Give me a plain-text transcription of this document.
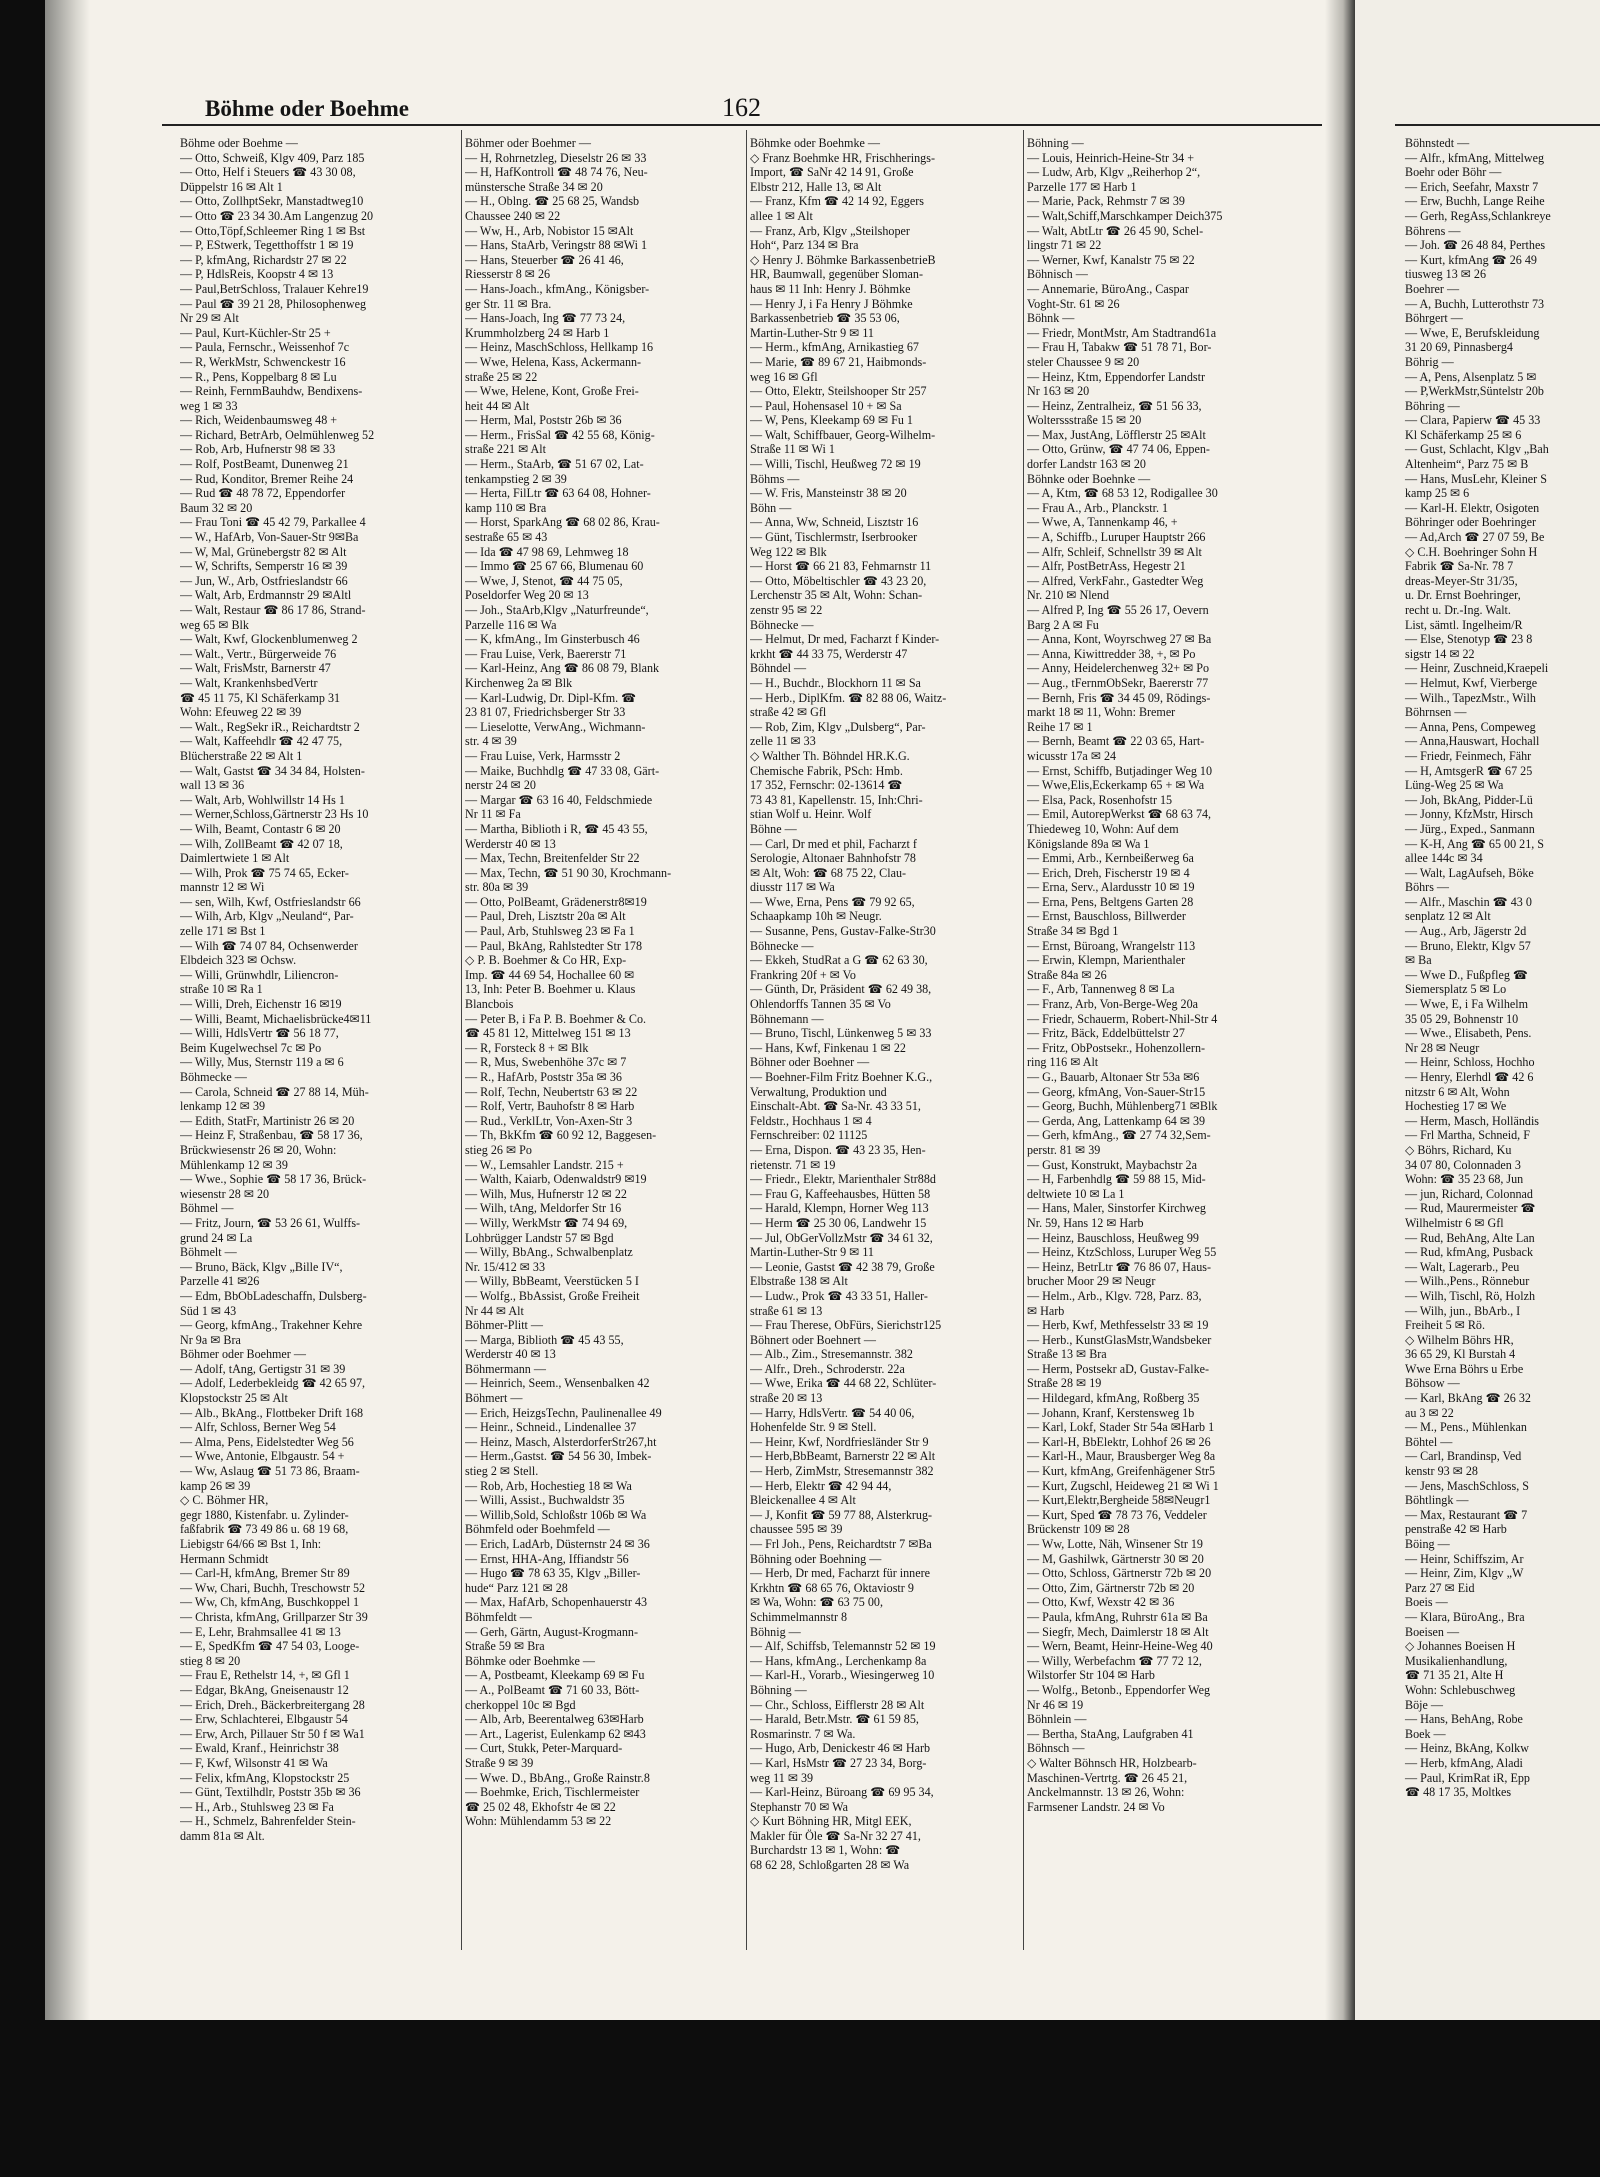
Böhme oder Boehme	162
Böhme oder Boehme —
— Otto, Schweiß, Klgv 409, Parz 185
— Otto, Helf i Steuers ☎ 43 30 08,
Düppelstr 16 ✉ Alt 1
— Otto, ZollhptSekr, Manstadtweg10
— Otto ☎ 23 34 30.Am Langenzug 20
— Otto,Töpf,Schleemer Ring 1 ✉ Bst
— P, EStwerk, Tegetthoffstr 1 ✉ 19
— P, kfmAng, Richardstr 27 ✉ 22
— P, HdlsReis, Koopstr 4 ✉ 13
— Paul,BetrSchloss, Tralauer Kehre19
— Paul ☎ 39 21 28, Philosophenweg
Nr 29 ✉ Alt
— Paul, Kurt-Küchler-Str 25 +
— Paula, Fernschr., Weissenhof 7c
— R, WerkMstr, Schwenckestr 16
— R., Pens, Koppelbarg 8 ✉ Lu
— Reinh, FernmBauhdw, Bendixens-
weg 1 ✉ 33
— Rich, Weidenbaumsweg 48 +
— Richard, BetrArb, Oelmühlenweg 52
— Rob, Arb, Hufnerstr 98 ✉ 33
— Rolf, PostBeamt, Dunenweg 21
— Rud, Konditor, Bremer Reihe 24
— Rud ☎ 48 78 72, Eppendorfer
Baum 32 ✉ 20
— Frau Toni ☎ 45 42 79, Parkallee 4
— W., HafArb, Von-Sauer-Str 9✉Ba
— W, Mal, Grünebergstr 82 ✉ Alt
— W, Schrifts, Semperstr 16 ✉ 39
— Jun, W., Arb, Ostfrieslandstr 66
— Walt, Arb, Erdmannstr 29 ✉Altl
— Walt, Restaur ☎ 86 17 86, Strand-
weg 65 ✉ Blk
— Walt, Kwf, Glockenblumenweg 2
— Walt., Vertr., Bürgerweide 76
— Walt, FrisMstr, Barnerstr 47
— Walt, KrankenhsbedVertr
☎ 45 11 75, Kl Schäferkamp 31
Wohn: Efeuweg 22 ✉ 39
— Walt., RegSekr iR., Reichardtstr 2
— Walt, Kaffeehdlr ☎ 42 47 75,
Blücherstraße 22 ✉ Alt 1
— Walt, Gastst ☎ 34 34 84, Holsten-
wall 13 ✉ 36
— Walt, Arb, Wohlwillstr 14 Hs 1
— Werner,Schloss,Gärtnerstr 23 Hs 10
— Wilh, Beamt, Contastr 6 ✉ 20
— Wilh, ZollBeamt ☎ 42 07 18,
Daimlertwiete 1 ✉ Alt
— Wilh, Prok ☎ 75 74 65, Ecker-
mannstr 12 ✉ Wi
— sen, Wilh, Kwf, Ostfrieslandstr 66
— Wilh, Arb, Klgv „Neuland“, Par-
zelle 171 ✉ Bst 1
— Wilh ☎ 74 07 84, Ochsenwerder
Elbdeich 323 ✉ Ochsw.
— Willi, Grünwhdlr, Liliencron-
straße 10 ✉ Ra 1
— Willi, Dreh, Eichenstr 16 ✉19
— Willi, Beamt, Michaelisbrücke4✉11
— Willi, HdlsVertr ☎ 56 18 77,
Beim Kugelwechsel 7c ✉ Po
— Willy, Mus, Sternstr 119 a ✉ 6
Böhmecke —
— Carola, Schneid ☎ 27 88 14, Müh-
lenkamp 12 ✉ 39
— Edith, StatFr, Martinistr 26 ✉ 20
— Heinz F, Straßenbau, ☎ 58 17 36,
Brückwiesenstr 26 ✉ 20, Wohn:
Mühlenkamp 12 ✉ 39
— Wwe., Sophie ☎ 58 17 36, Brück-
wiesenstr 28 ✉ 20
Böhmel —
— Fritz, Journ, ☎ 53 26 61, Wulffs-
grund 24 ✉ La
Böhmelt —
— Bruno, Bäck, Klgv „Bille IV“,
Parzelle 41 ✉26
— Edm, BbObLadeschaffn, Dulsberg-
Süd 1 ✉ 43
— Georg, kfmAng., Trakehner Kehre
Nr 9a ✉ Bra
Böhmer oder Boehmer —
— Adolf, tAng, Gertigstr 31 ✉ 39
— Adolf, Lederbekleidg ☎ 42 65 97,
Klopstockstr 25 ✉ Alt
— Alb., BkAng., Flottbeker Drift 168
— Alfr, Schloss, Berner Weg 54
— Alma, Pens, Eidelstedter Weg 56
— Wwe, Antonie, Elbgaustr. 54 +
— Ww, Aslaug ☎ 51 73 86, Braam-
kamp 26 ✉ 39
◇ C. Böhmer HR,
gegr 1880, Kistenfabr. u. Zylinder-
faßfabrik ☎ 73 49 86 u. 68 19 68,
Liebigstr 64/66 ✉ Bst 1, Inh:
Hermann Schmidt
— Carl-H, kfmAng, Bremer Str 89
— Ww, Chari, Buchh, Treschowstr 52
— Ww, Ch, kfmAng, Buschkoppel 1
— Christa, kfmAng, Grillparzer Str 39
— E, Lehr, Brahmsallee 41 ✉ 13
— E, SpedKfm ☎ 47 54 03, Looge-
stieg 8 ✉ 20
— Frau E, Rethelstr 14, +, ✉ Gfl 1
— Edgar, BkAng, Gneisenaustr 12
— Erich, Dreh., Bäckerbreitergang 28
— Erw, Schlachterei, Elbgaustr 54
— Erw, Arch, Pillauer Str 50 f ✉ Wa1
— Ewald, Kranf., Heinrichstr 38
— F, Kwf, Wilsonstr 41 ✉ Wa
— Felix, kfmAng, Klopstockstr 25
— Günt, Textilhdlr, Poststr 35b ✉ 36
— H., Arb., Stuhlsweg 23 ✉ Fa
— H., Schmelz, Bahrenfelder Stein-
damm 81a ✉ Alt.
Böhmer oder Boehmer —
— H, Rohrnetzleg, Dieselstr 26 ✉ 33
— H, HafKontroll ☎ 48 74 76, Neu-
münstersche Straße 34 ✉ 20
— H., Oblng. ☎ 25 68 25, Wandsb
Chaussee 240 ✉ 22
— Ww, H., Arb, Nobistor 15 ✉Alt
— Hans, StaArb, Veringstr 88 ✉Wi 1
— Hans, Steuerber ☎ 26 41 46,
Riesserstr 8 ✉ 26
— Hans-Joach., kfmAng., Königsber-
ger Str. 11 ✉ Bra.
— Hans-Joach, Ing ☎ 77 73 24,
Krummholzberg 24 ✉ Harb 1
— Heinz, MaschSchloss, Hellkamp 16
— Wwe, Helena, Kass, Ackermann-
straße 25 ✉ 22
— Wwe, Helene, Kont, Große Frei-
heit 44 ✉ Alt
— Herm, Mal, Poststr 26b ✉ 36
— Herm., FrisSal ☎ 42 55 68, König-
straße 221 ✉ Alt
— Herm., StaArb, ☎ 51 67 02, Lat-
tenkampstieg 2 ✉ 39
— Herta, FilLtr ☎ 63 64 08, Hohner-
kamp 110 ✉ Bra
— Horst, SparkAng ☎ 68 02 86, Krau-
sestraße 65 ✉ 43
— Ida ☎ 47 98 69, Lehmweg 18
— Immo ☎ 25 67 66, Blumenau 60
— Wwe, J, Stenot, ☎ 44 75 05,
Poseldorfer Weg 20 ✉ 13
— Joh., StaArb,Klgv „Naturfreunde“,
Parzelle 116 ✉ Wa
— K, kfmAng., Im Ginsterbusch 46
— Frau Luise, Verk, Baererstr 71
— Karl-Heinz, Ang ☎ 86 08 79, Blank
Kirchenweg 2a ✉ Blk
— Karl-Ludwig, Dr. Dipl-Kfm. ☎
23 81 07, Friedrichsberger Str 33
— Lieselotte, VerwAng., Wichmann-
str. 4 ✉ 39
— Frau Luise, Verk, Harmsstr 2
— Maike, Buchhdlg ☎ 47 33 08, Gärt-
nerstr 24 ✉ 20
— Margar ☎ 63 16 40, Feldschmiede
Nr 11 ✉ Fa
— Martha, Biblioth i R, ☎ 45 43 55,
Werderstr 40 ✉ 13
— Max, Techn, Breitenfelder Str 22
— Max, Techn, ☎ 51 90 30, Krochmann-
str. 80a ✉ 39
— Otto, PolBeamt, Grädenerstr8✉19
— Paul, Dreh, Lisztstr 20a ✉ Alt
— Paul, Arb, Stuhlsweg 23 ✉ Fa 1
— Paul, BkAng, Rahlstedter Str 178
◇ P. B. Boehmer & Co HR, Exp-
Imp. ☎ 44 69 54, Hochallee 60 ✉
13, Inh: Peter B. Boehmer u. Klaus
Blancbois
— Peter B, i Fa P. B. Boehmer & Co.
☎ 45 81 12, Mittelweg 151 ✉ 13
— R, Forsteck 8 + ✉ Blk
— R, Mus, Swebenhöhe 37c ✉ 7
— R., HafArb, Poststr 35a ✉ 36
— Rolf, Techn, Neubertstr 63 ✉ 22
— Rolf, Vertr, Bauhofstr 8 ✉ Harb
— Rud., VerklLtr, Von-Axen-Str 3
— Th, BkKfm ☎ 60 92 12, Baggesen-
stieg 26 ✉ Po
— W., Lemsahler Landstr. 215 +
— Walth, Kaiarb, Odenwaldstr9 ✉19
— Wilh, Mus, Hufnerstr 12 ✉ 22
— Wilh, tAng, Meldorfer Str 16
— Willy, WerkMstr ☎ 74 94 69,
Lohbrügger Landstr 57 ✉ Bgd
— Willy, BbAng., Schwalbenplatz
Nr. 15/412 ✉ 33
— Willy, BbBeamt, Veerstücken 5 I
— Wolfg., BbAssist, Große Freiheit
Nr 44 ✉ Alt
Böhmer-Plitt —
— Marga, Biblioth ☎ 45 43 55,
Werderstr 40 ✉ 13
Böhmermann —
— Heinrich, Seem., Wensenbalken 42
Böhmert —
— Erich, HeizgsTechn, Paulinenallee 49
— Heinr., Schneid., Lindenallee 37
— Heinz, Masch, AlsterdorferStr267,ht
— Herm.,Gastst. ☎ 54 56 30, Imbek-
stieg 2 ✉ Stell.
— Rob, Arb, Hochestieg 18 ✉ Wa
— Willi, Assist., Buchwaldstr 35
— Willib,Sold, Schloßstr 106b ✉ Wa
Böhmfeld oder Boehmfeld —
— Erich, LadArb, Düsternstr 24 ✉ 36
— Ernst, HHA-Ang, Iffiandstr 56
— Hugo ☎ 78 63 35, Klgv „Biller-
hude“ Parz 121 ✉ 28
— Max, HafArb, Schopenhauerstr 43
Böhmfeldt —
— Gerh, Gärtn, August-Krogmann-
Straße 59 ✉ Bra
Böhmke oder Boehmke —
— A, Postbeamt, Kleekamp 69 ✉ Fu
— A., PolBeamt ☎ 71 60 33, Bött-
cherkoppel 10c ✉ Bgd
— Alb, Arb, Beerentalweg 63✉Harb
— Art., Lagerist, Eulenkamp 62 ✉43
— Curt, Stukk, Peter-Marquard-
Straße 9 ✉ 39
— Wwe. D., BbAng., Große Rainstr.8
— Boehmke, Erich, Tischlermeister
☎ 25 02 48, Ekhofstr 4e ✉ 22
Wohn: Mühlendamm 53 ✉ 22
Böhmke oder Boehmke —
◇ Franz Boehmke HR, Frischherings-
Import, ☎ SaNr 42 14 91, Große
Elbstr 212, Halle 13, ✉ Alt
— Franz, Kfm ☎ 42 14 92, Eggers
allee 1 ✉ Alt
— Franz, Arb, Klgv „Steilshoper
Hoh“, Parz 134 ✉ Bra
◇ Henry J. Böhmke BarkassenbetrieB
HR, Baumwall, gegenüber Sloman-
haus ✉ 11 Inh: Henry J. Böhmke
— Henry J, i Fa Henry J Böhmke
Barkassenbetrieb ☎ 35 53 06,
Martin-Luther-Str 9 ✉ 11
— Herm., kfmAng, Arnikastieg 67
— Marie, ☎ 89 67 21, Haibmonds-
weg 16 ✉ Gfl
— Otto, Elektr, Steilshooper Str 257
— Paul, Hohensasel 10 + ✉ Sa
— W, Pens, Kleekamp 69 ✉ Fu 1
— Walt, Schiffbauer, Georg-Wilhelm-
Straße 11 ✉ Wi 1
— Willi, Tischl, Heußweg 72 ✉ 19
Böhms —
— W. Fris, Mansteinstr 38 ✉ 20
Böhn —
— Anna, Ww, Schneid, Lisztstr 16
— Günt, Tischlermstr, Iserbrooker
Weg 122 ✉ Blk
— Horst ☎ 66 21 83, Fehmarnstr 11
— Otto, Möbeltischler ☎ 43 23 20,
Lerchenstr 35 ✉ Alt, Wohn: Schan-
zenstr 95 ✉ 22
Böhnecke —
— Helmut, Dr med, Facharzt f Kinder-
krkht ☎ 44 33 75, Werderstr 47
Böhndel —
— H., Buchdr., Blockhorn 11 ✉ Sa
— Herb., DiplKfm. ☎ 82 88 06, Waitz-
straße 42 ✉ Gfl
— Rob, Zim, Klgv „Dulsberg“, Par-
zelle 11 ✉ 33
◇ Walther Th. Böhndel HR.K.G.
Chemische Fabrik, PSch: Hmb.
17 352, Fernschr: 02-13614 ☎
73 43 81, Kapellenstr. 15, Inh:Chri-
stian Wolf u. Heinr. Wolf
Böhne —
— Carl, Dr med et phil, Facharzt f
Serologie, Altonaer Bahnhofstr 78
✉ Alt, Woh: ☎ 68 75 22, Clau-
diusstr 117 ✉ Wa
— Wwe, Erna, Pens ☎ 79 92 65,
Schaapkamp 10h ✉ Neugr.
— Susanne, Pens, Gustav-Falke-Str30
Böhnecke —
— Ekkeh, StudRat a G ☎ 62 63 30,
Frankring 20f + ✉ Vo
— Günth, Dr, Präsident ☎ 62 49 38,
Ohlendorffs Tannen 35 ✉ Vo
Böhnemann —
— Bruno, Tischl, Lünkenweg 5 ✉ 33
— Hans, Kwf, Finkenau 1 ✉ 22
Böhner oder Boehner —
— Boehner-Film Fritz Boehner K.G.,
Verwaltung, Produktion und
Einschalt-Abt. ☎ Sa-Nr. 43 33 51,
Feldstr., Hochhaus 1 ✉ 4
Fernschreiber: 02 11125
— Erna, Dispon. ☎ 43 23 35, Hen-
rietenstr. 71 ✉ 19
— Friedr., Elektr, Marienthaler Str88d
— Frau G, Kaffeehausbes, Hütten 58
— Harald, Klempn, Horner Weg 113
— Herm ☎ 25 30 06, Landwehr 15
— Jul, ObGerVollzMstr ☎ 34 61 32,
Martin-Luther-Str 9 ✉ 11
— Leonie, Gastst ☎ 42 38 79, Große
Elbstraße 138 ✉ Alt
— Ludw., Prok ☎ 43 33 51, Haller-
straße 61 ✉ 13
— Frau Therese, ObFürs, Sierichstr125
Böhnert oder Boehnert —
— Alb., Zim., Stresemannstr. 382
— Alfr., Dreh., Schroderstr. 22a
— Wwe, Erika ☎ 44 68 22, Schlüter-
straße 20 ✉ 13
— Harry, HdlsVertr. ☎ 54 40 06,
Hohenfelde Str. 9 ✉ Stell.
— Heinr, Kwf, Nordfriesländer Str 9
— Herb,BbBeamt, Barnerstr 22 ✉ Alt
— Herb, ZimMstr, Stresemannstr 382
— Herb, Elektr ☎ 42 94 44,
Bleickenallee 4 ✉ Alt
— J, Konfit ☎ 59 77 88, Alsterkrug-
chaussee 595 ✉ 39
— Frl Joh., Pens, Reichardtstr 7 ✉Ba
Böhning oder Boehning —
— Herb, Dr med, Facharzt für innere
Krkhtn ☎ 68 65 76, Oktaviostr 9
✉ Wa, Wohn: ☎ 63 75 00,
Schimmelmannstr 8
Böhnig —
— Alf, Schiffsb, Telemannstr 52 ✉ 19
— Hans, kfmAng., Lerchenkamp 8a
— Karl-H., Vorarb., Wiesingerweg 10
Böhning —
— Chr., Schloss, Eifflerstr 28 ✉ Alt
— Harald, Betr.Mstr. ☎ 61 59 85,
Rosmarinstr. 7 ✉ Wa.
— Hugo, Arb, Denickestr 46 ✉ Harb
— Karl, HsMstr ☎ 27 23 34, Borg-
weg 11 ✉ 39
— Karl-Heinz, Büroang ☎ 69 95 34,
Stephanstr 70 ✉ Wa
◇ Kurt Böhning HR, Mitgl EEK,
Makler für Öle ☎ Sa-Nr 32 27 41,
Burchardstr 13 ✉ 1, Wohn: ☎
68 62 28, Schloßgarten 28 ✉ Wa
Böhning —
— Louis, Heinrich-Heine-Str 34 +
— Ludw, Arb, Klgv „Reiherhop 2“,
Parzelle 177 ✉ Harb 1
— Marie, Pack, Rehmstr 7 ✉ 39
— Walt,Schiff,Marschkamper Deich375
— Walt, AbtLtr ☎ 26 45 90, Schel-
lingstr 71 ✉ 22
— Werner, Kwf, Kanalstr 75 ✉ 22
Böhnisch —
— Annemarie, BüroAng., Caspar
Voght-Str. 61 ✉ 26
Böhnk —
— Friedr, MontMstr, Am Stadtrand61a
— Frau H, Tabakw ☎ 51 78 71, Bor-
steler Chaussee 9 ✉ 20
— Heinz, Ktm, Eppendorfer Landstr
Nr 163 ✉ 20
— Heinz, Zentralheiz, ☎ 51 56 33,
Wolterssstraße 15 ✉ 20
— Max, JustAng, Löfflerstr 25 ✉Alt
— Otto, Grünw, ☎ 47 74 06, Eppen-
dorfer Landstr 163 ✉ 20
Böhnke oder Boehnke —
— A, Ktm, ☎ 68 53 12, Rodigallee 30
— Frau A., Arb., Planckstr. 1
— Wwe, A, Tannenkamp 46, +
— A, Schiffb., Luruper Hauptstr 266
— Alfr, Schleif, Schnellstr 39 ✉ Alt
— Alfr, PostBetrAss, Hegestr 21
— Alfred, VerkFahr., Gastedter Weg
Nr. 210 ✉ Nlend
— Alfred P, Ing ☎ 55 26 17, Oevern
Barg 2 A ✉ Fu
— Anna, Kont, Woyrschweg 27 ✉ Ba
— Anna, Kiwittredder 38, +, ✉ Po
— Anny, Heidelerchenweg 32+ ✉ Po
— Aug., tFernmObSekr, Baererstr 77
— Bernh, Fris ☎ 34 45 09, Rödings-
markt 18 ✉ 11, Wohn: Bremer
Reihe 17 ✉ 1
— Bernh, Beamt ☎ 22 03 65, Hart-
wicusstr 17a ✉ 24
— Ernst, Schiffb, Butjadinger Weg 10
— Wwe,Elis,Eckerkamp 65 + ✉ Wa
— Elsa, Pack, Rosenhofstr 15
— Emil, AutorepWerkst ☎ 68 63 74,
Thiedeweg 10, Wohn: Auf dem
Königslande 89a ✉ Wa 1
— Emmi, Arb., Kernbeißerweg 6a
— Erich, Dreh, Fischerstr 19 ✉ 4
— Erna, Serv., Alardusstr 10 ✉ 19
— Erna, Pens, Beltgens Garten 28
— Ernst, Bauschloss, Billwerder
Straße 34 ✉ Bgd 1
— Ernst, Büroang, Wrangelstr 113
— Erwin, Klempn, Marienthaler
Straße 84a ✉ 26
— F., Arb, Tannenweg 8 ✉ La
— Franz, Arb, Von-Berge-Weg 20a
— Friedr, Schauerm, Robert-Nhil-Str 4
— Fritz, Bäck, Eddelbüttelstr 27
— Fritz, ObPostsekr., Hohenzollern-
ring 116 ✉ Alt
— G., Bauarb, Altonaer Str 53a ✉6
— Georg, kfmAng, Von-Sauer-Str15
— Georg, Buchh, Mühlenberg71 ✉Blk
— Gerda, Ang, Lattenkamp 64 ✉ 39
— Gerh, kfmAng., ☎ 27 74 32,Sem-
perstr. 81 ✉ 39
— Gust, Konstrukt, Maybachstr 2a
— H, Farbenhdlg ☎ 59 88 15, Mid-
deltwiete 10 ✉ La 1
— Hans, Maler, Sinstorfer Kirchweg
Nr. 59, Hans 12 ✉ Harb
— Heinz, Bauschloss, Heußweg 99
— Heinz, KtzSchloss, Luruper Weg 55
— Heinz, BetrLtr ☎ 76 86 07, Haus-
brucher Moor 29 ✉ Neugr
— Helm., Arb., Klgv. 728, Parz. 83,
✉ Harb
— Herb, Kwf, Methfesselstr 33 ✉ 19
— Herb., KunstGlasMstr,Wandsbeker
Straße 13 ✉ Bra
— Herm, Postsekr aD, Gustav-Falke-
Straße 28 ✉ 19
— Hildegard, kfmAng, Roßberg 35
— Johann, Kranf, Kerstensweg 1b
— Karl, Lokf, Stader Str 54a ✉Harb 1
— Karl-H, BbElektr, Lohhof 26 ✉ 26
— Karl-H., Maur, Brausberger Weg 8a
— Kurt, kfmAng, Greifenhägener Str5
— Kurt, Zugschl, Heideweg 21 ✉ Wi 1
— Kurt,Elektr,Bergheide 58✉Neugr1
— Kurt, Sped ☎ 78 73 76, Veddeler
Brückenstr 109 ✉ 28
— Ww, Lotte, Näh, Winsener Str 19
— M, Gashilwk, Gärtnerstr 30 ✉ 20
— Otto, Schloss, Gärtnerstr 72b ✉ 20
— Otto, Zim, Gärtnerstr 72b ✉ 20
— Otto, Kwf, Wexstr 42 ✉ 36
— Paula, kfmAng, Ruhrstr 61a ✉ Ba
— Siegfr, Mech, Daimlerstr 18 ✉ Alt
— Wern, Beamt, Heinr-Heine-Weg 40
— Willy, Werbefachm ☎ 77 72 12,
Wilstorfer Str 104 ✉ Harb
— Wolfg., Betonb., Eppendorfer Weg
Nr 46 ✉ 19
Böhnlein —
— Bertha, StaAng, Laufgraben 41
Böhnsch —
◇ Walter Böhnsch HR, Holzbearb-
Maschinen-Vertrtg. ☎ 26 45 21,
Anckelmannstr. 13 ✉ 26, Wohn:
Farmsener Landstr. 24 ✉ Vo
Böhnstedt —
— Alfr., kfmAng, Mittelweg
Boehr oder Böhr —
— Erich, Seefahr, Maxstr 7
— Erw, Buchh, Lange Reihe
— Gerh, RegAss,Schlankreye
Böhrens —
— Joh. ☎ 26 48 84, Perthes
— Kurt, kfmAng ☎ 26 49
tiusweg 13 ✉ 26
Boehrer —
— A, Buchh, Lutterothstr 73
Böhrgert —
— Wwe, E, Berufskleidung
31 20 69, Pinnasberg4
Böhrig —
— A, Pens, Alsenplatz 5 ✉
— P,WerkMstr,Süntelstr 20b
Böhring —
— Clara, Papierw ☎ 45 33
Kl Schäferkamp 25 ✉ 6
— Gust, Schlacht, Klgv „Bah
Altenheim“, Parz 75 ✉ B
— Hans, MusLehr, Kleiner S
kamp 25 ✉ 6
— Karl-H. Elektr, Osigoten
Böhringer oder Boehringer
— Ad,Arch ☎ 27 07 59, Be
◇ C.H. Boehringer Sohn H
Fabrik ☎ Sa-Nr. 78 7
dreas-Meyer-Str 31/35,
u. Dr. Ernst Boehringer,
recht u. Dr.-Ing. Walt.
List, sämtl. Ingelheim/R
— Else, Stenotyp ☎ 23 8
sigstr 14 ✉ 22
— Heinr, Zuschneid,Kraepeli
— Helmut, Kwf, Vierberge
— Wilh., TapezMstr., Wilh
Böhrnsen —
— Anna, Pens, Compeweg
— Anna,Hauswart, Hochall
— Friedr, Feinmech, Fähr
— H, AmtsgerR ☎ 67 25
Lüng-Weg 25 ✉ Wa
— Joh, BkAng, Pidder-Lü
— Jonny, KfzMstr, Hirsch
— Jürg., Exped., Sanmann
— K-H, Ang ☎ 65 00 21, S
allee 144c ✉ 34
— Walt, LagAufseh, Böke
Böhrs —
— Alfr., Maschin ☎ 43 0
senplatz 12 ✉ Alt
— Aug., Arb, Jägerstr 2d
— Bruno, Elektr, Klgv 57
✉ Ba
— Wwe D., Fußpfleg ☎
Siemersplatz 5 ✉ Lo
— Wwe, E, i Fa Wilhelm
35 05 29, Bohnenstr 10
— Wwe., Elisabeth, Pens.
Nr 28 ✉ Neugr
— Heinr, Schloss, Hochho
— Henry, Elerhdl ☎ 42 6
nitzstr 6 ✉ Alt, Wohn
Hochestieg 17 ✉ We
— Herm, Masch, Holländis
— Frl Martha, Schneid, F
◇ Böhrs, Richard, Ku
34 07 80, Colonnaden 3
Wohn: ☎ 35 23 68, Jun
— jun, Richard, Colonnad
— Rud, Maurermeister ☎
Wilhelmistr 6 ✉ Gfl
— Rud, BehAng, Alte Lan
— Rud, kfmAng, Pusback
— Walt, Lagerarb., Peu
— Wilh.,Pens., Rönnebur
— Wilh, Tischl, Rö, Holzh
— Wilh, jun., BbArb., I
Freiheit 5 ✉ Rö.
◇ Wilhelm Böhrs HR,
36 65 29, Kl Burstah 4
Wwe Erna Böhrs u Erbe
Böhsow —
— Karl, BkAng ☎ 26 32
au 3 ✉ 22
— M., Pens., Mühlenkan
Böhtel —
— Carl, Brandinsp, Ved
kenstr 93 ✉ 28
— Jens, MaschSchloss, S
Böhtlingk —
— Max, Restaurant ☎ 7
penstraße 42 ✉ Harb
Böing —
— Heinr, Schiffszim, Ar
— Heinr, Zim, Klgv „W
Parz 27 ✉ Eid
Boeis —
— Klara, BüroAng., Bra
Boeisen —
◇ Johannes Boeisen H
Musikalienhandlung,
☎ 71 35 21, Alte H
Wohn: Schlebuschweg
Böje —
— Hans, BehAng, Robe
Boek —
— Heinz, BkAng, Kolkw
— Herb, kfmAng, Aladi
— Paul, KrimRat iR, Epp
☎ 48 17 35, Moltkes
